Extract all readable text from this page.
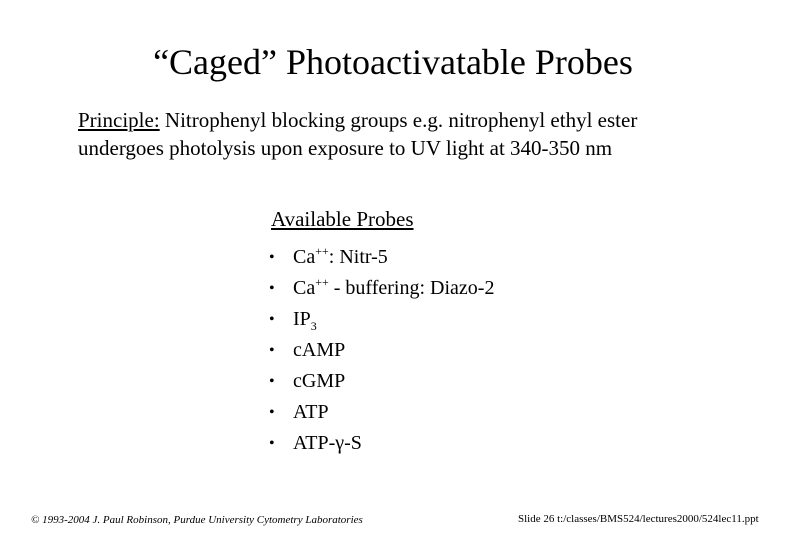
“Caged” Photoactivatable Probes
Principle: Nitrophenyl blocking groups e.g. nitrophenyl ethyl ester
undergoes photolysis upon exposure to UV light at 340-350 nm
Available Probes
• Ca++: Nitr-5
• Ca++ - buffering: Diazo-2
• $IP_3$
• cAMP
• cGMP
• ATP
• ATP-γ-S
© 1993-2004 J. Paul Robinson, Purdue University Cytometry Laboratories	Slide 26 t:/classes/BMS524/lectures2000/524lec11.ppt
